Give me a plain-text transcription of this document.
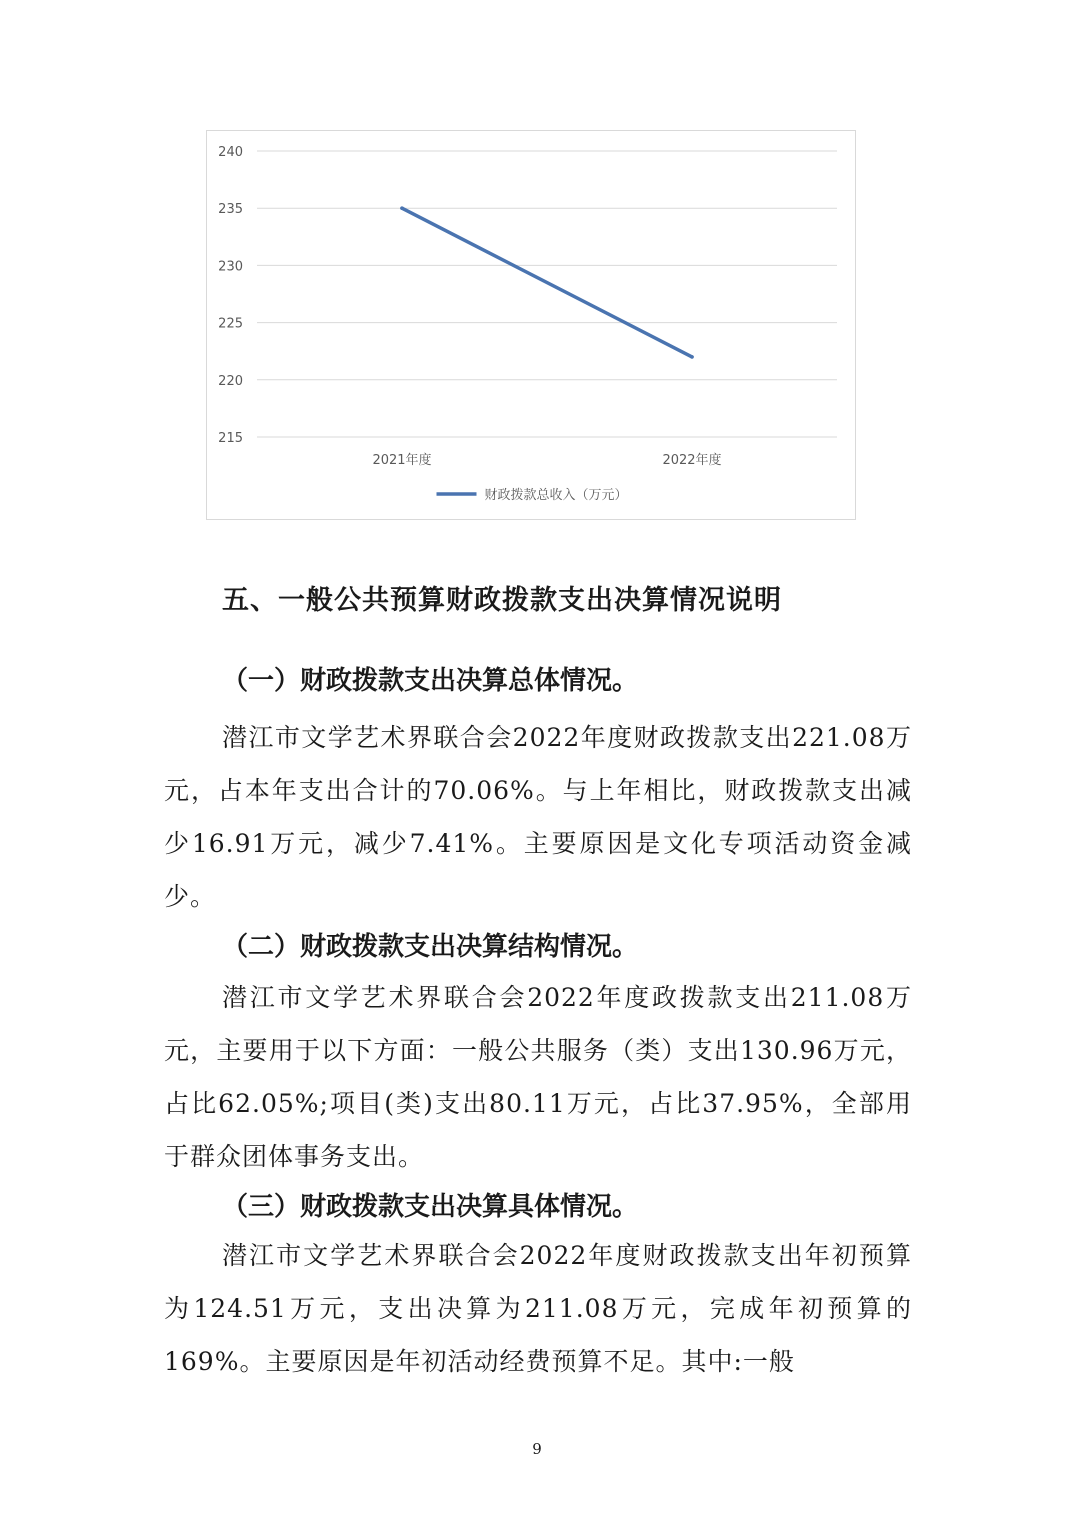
240
235
230
225
220
215
2021年度	2022年度
财政拨款总收入（万元）
五、一般公共预算财政拨款支出决算情况说明
（一）财政拨款支出决算总体情况。

潜江市文学艺术界联合会2022年度财政拨款支出221.08万元，占本年支出合计的70.06%。与上年相比，财政拨款支出减少16.91万元，减少7.41%。主要原因是文化专项活动资金减少。

（二）财政拨款支出决算结构情况。

潜江市文学艺术界联合会2022年度政拨款支出211.08万元，主要用于以下方面：一般公共服务（类）支出130.96万元，占比62.05%;项目(类)支出80.11万元，占比37.95%，全部用于群众团体事务支出。

（三）财政拨款支出决算具体情况。

潜江市文学艺术界联合会2022年度财政拨款支出年初预算为124.51万元，支出决算为211.08万元，完成年初预算的169%。主要原因是年初活动经费预算不足。其中:一般

9
